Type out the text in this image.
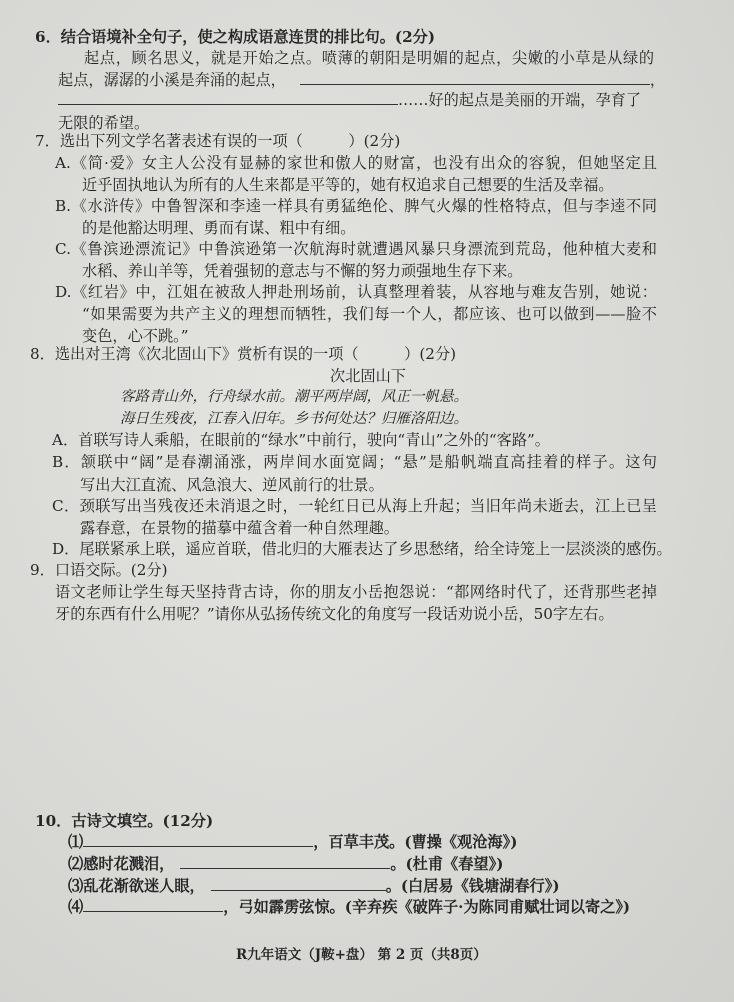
6．结合语境补全句子，使之构成语意连贯的排比句。(2分)
起点，顾名思义，就是开始之点。喷薄的朝阳是明媚的起点，尖嫩的小草是从绿的
起点，潺潺的小溪是奔涌的起点，	，
……好的起点是美丽的开端，孕育了
无限的希望。
7．选出下列文学名著表述有误的一项（　　　）(2分)
A.《简·爱》女主人公没有显赫的家世和傲人的财富，也没有出众的容貌，但她坚定且
近乎固执地认为所有的人生来都是平等的，她有权追求自己想要的生活及幸福。
B.《水浒传》中鲁智深和李逵一样具有勇猛绝伦、脾气火爆的性格特点，但与李逵不同
的是他豁达明理、勇而有谋、粗中有细。
C.《鲁滨逊漂流记》中鲁滨逊第一次航海时就遭遇风暴只身漂流到荒岛，他种植大麦和
水稻、养山羊等，凭着强韧的意志与不懈的努力顽强地生存下来。
D.《红岩》中，江姐在被敌人押赴刑场前，认真整理着装，从容地与难友告别，她说：
“如果需要为共产主义的理想而牺牲，我们每一个人，都应该、也可以做到——脸不
变色，心不跳。”
8．选出对王湾《次北固山下》赏析有误的一项（　　　）(2分)
次北固山下
客路青山外，行舟绿水前。潮平两岸阔，风正一帆悬。
海日生残夜，江春入旧年。乡书何处达？归雁洛阳边。
A．首联写诗人乘船，在眼前的“绿水”中前行，驶向“青山”之外的“客路”。
B．颔联中“阔”是春潮涌涨，两岸间水面宽阔；“悬”是船帆端直高挂着的样子。这句
写出大江直流、风急浪大、逆风前行的壮景。
C．颈联写出当残夜还未消退之时，一轮红日已从海上升起；当旧年尚未逝去，江上已呈
露春意，在景物的描摹中蕴含着一种自然理趣。
D．尾联紧承上联，遥应首联，借北归的大雁表达了乡思愁绪，给全诗笼上一层淡淡的感伤。
9．口语交际。(2分)
语文老师让学生每天坚持背古诗，你的朋友小岳抱怨说：“都网络时代了，还背那些老掉
牙的东西有什么用呢？”请你从弘扬传统文化的角度写一段话劝说小岳，50字左右。
10．古诗文填空。(12分)
⑴	，百草丰茂。(曹操《观沧海》)
⑵感时花溅泪，	。(杜甫《春望》)
⑶乱花渐欲迷人眼，	。(白居易《钱塘湖春行》)
⑷	，弓如霹雳弦惊。(辛弃疾《破阵子·为陈同甫赋壮词以寄之》)
R九年语文（J鞍+盘） 第 2 页（共8页）
